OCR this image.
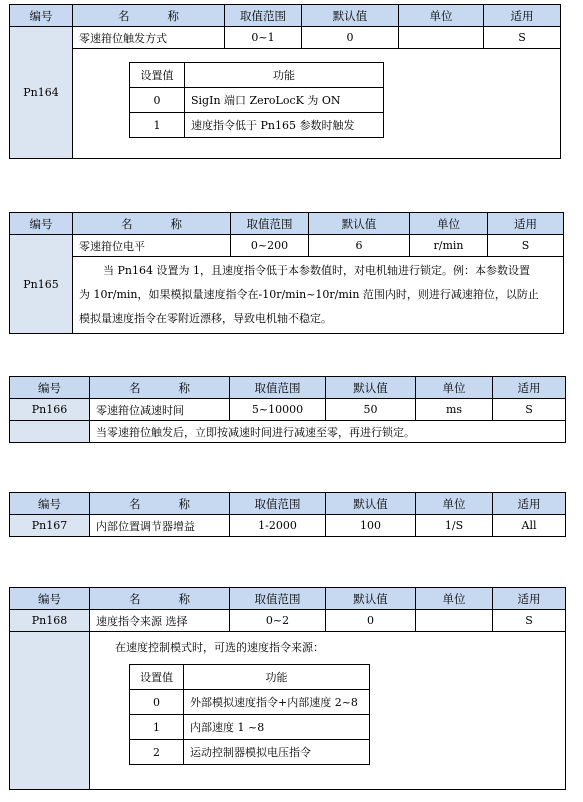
编号	名	称	取值范围	默认值	单位	适用
Pn164	零速箝位触发方式	0~1	0		S

设置值	功能
0	SigIn 端口 ZeroLocK 为 ON
1	速度指令低于 Pn165 参数时触发
编号	名 称	取值范围	默认值	单位	适用
Pn165	零速箝位电平	0~200	6	r/min	S

	当 Pn164 设置为 1，且速度指令低于本参数值时，对电机轴进行锁定。例：本参数设置
为 10r/min，如果模拟量速度指令在-10r/min~10r/min 范围内时，则进行减速箝位，以防止
模拟量速度指令在零附近漂移，导致电机轴不稳定。				
编号	名 称	取值范围	默认值	单位	适用
Pn166	零速箝位减速时间	5~10000	50	ms	S
	当零速箝位触发后，立即按减速时间进行减速至零，再进行锁定。				
编号	名 称	取值范围	默认值	单位	适用
Pn167	内部位置调节器增益	1-2000	100	1/S	All
编号	名	称	取值范围	默认值	单位	适用
Pn168	速度指令来源 选择	0~2	0		S

在速度控制模式时，可选的速度指令来源：
设置值	功能
0	外部模拟速度指令+内部速度 2~8
1	内部速度 1 ~8
2	运动控制器模拟电压指令
